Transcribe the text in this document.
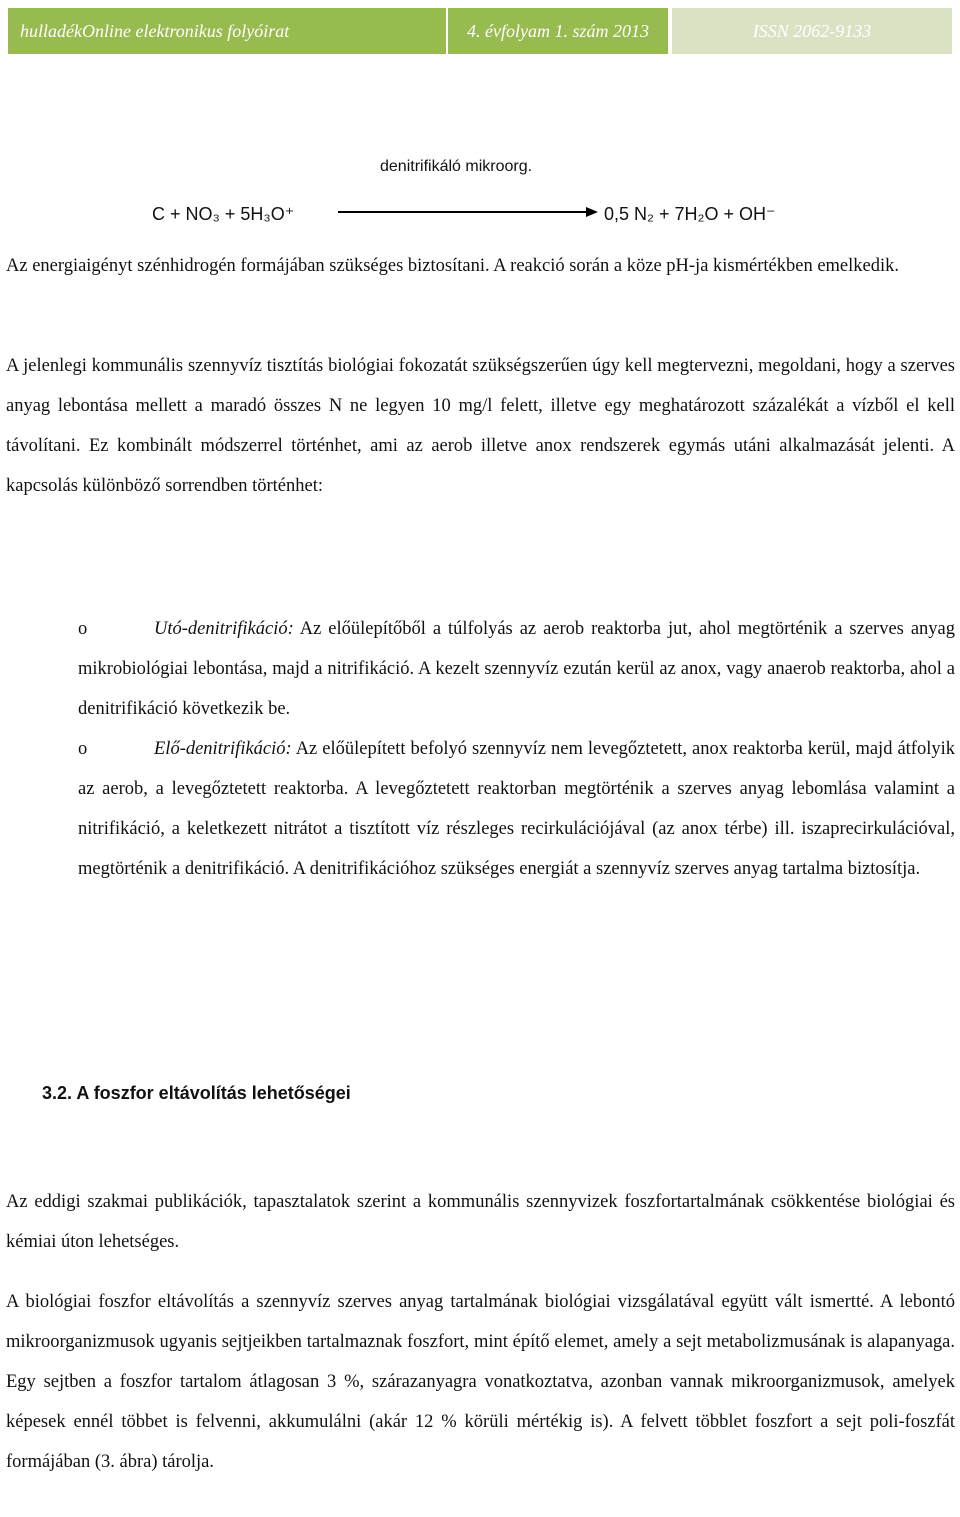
hulladékOnline elektronikus folyóirat	4. évfolyam 1. szám 2013	ISSN 2062-9133
denitrifikáló mikroorg.
C + NO₃ + 5H₃O⁺	0,5 N₂ + 7H₂O + OH⁻

Az energiaigényt szénhidrogén formájában szükséges biztosítani. A reakció során a köze pH-ja kismértékben emelkedik.

A jelenlegi kommunális szennyvíz tisztítás biológiai fokozatát szükségszerűen úgy kell megtervezni, megoldani, hogy a szerves anyag lebontása mellett a maradó összes N ne legyen 10 mg/l felett, illetve egy meghatározott százalékát a vízből el kell távolítani. Ez kombinált módszerrel történhet, ami az aerob illetve anox rendszerek egymás utáni alkalmazását jelenti. A kapcsolás különböző sorrendben történhet:

o	Utó-denitrifikáció: Az előülepítőből a túlfolyás az aerob reaktorba jut, ahol megtörténik a szerves anyag mikrobiológiai lebontása, majd a nitrifikáció. A kezelt szennyvíz ezután kerül az anox, vagy anaerob reaktorba, ahol a denitrifikáció következik be.

o	Elő-denitrifikáció: Az előülepített befolyó szennyvíz nem levegőztetett, anox reaktorba kerül, majd átfolyik az aerob, a levegőztetett reaktorba. A levegőztetett reaktorban megtörténik a szerves anyag lebomlása valamint a nitrifikáció, a keletkezett nitrátot a tisztított víz részleges recirkulációjával (az anox térbe) ill. iszaprecirkulációval, megtörténik a denitrifikáció. A denitrifikációhoz szükséges energiát a szennyvíz szerves anyag tartalma biztosítja.

3.2. A foszfor eltávolítás lehetőségei

Az eddigi szakmai publikációk, tapasztalatok szerint a kommunális szennyvizek foszfortartalmának csökkentése biológiai és kémiai úton lehetséges.

A biológiai foszfor eltávolítás a szennyvíz szerves anyag tartalmának biológiai vizsgálatával együtt vált ismertté. A lebontó mikroorganizmusok ugyanis sejtjeikben tartalmaznak foszfort, mint építő elemet, amely a sejt metabolizmusának is alapanyaga. Egy sejtben a foszfor tartalom átlagosan 3 %, szárazanyagra vonatkoztatva, azonban vannak mikroorganizmusok, amelyek képesek ennél többet is felvenni, akkumulálni (akár 12 % körüli mértékig is). A felvett többlet foszfort a sejt poli-foszfát formájában (3. ábra) tárolja.
